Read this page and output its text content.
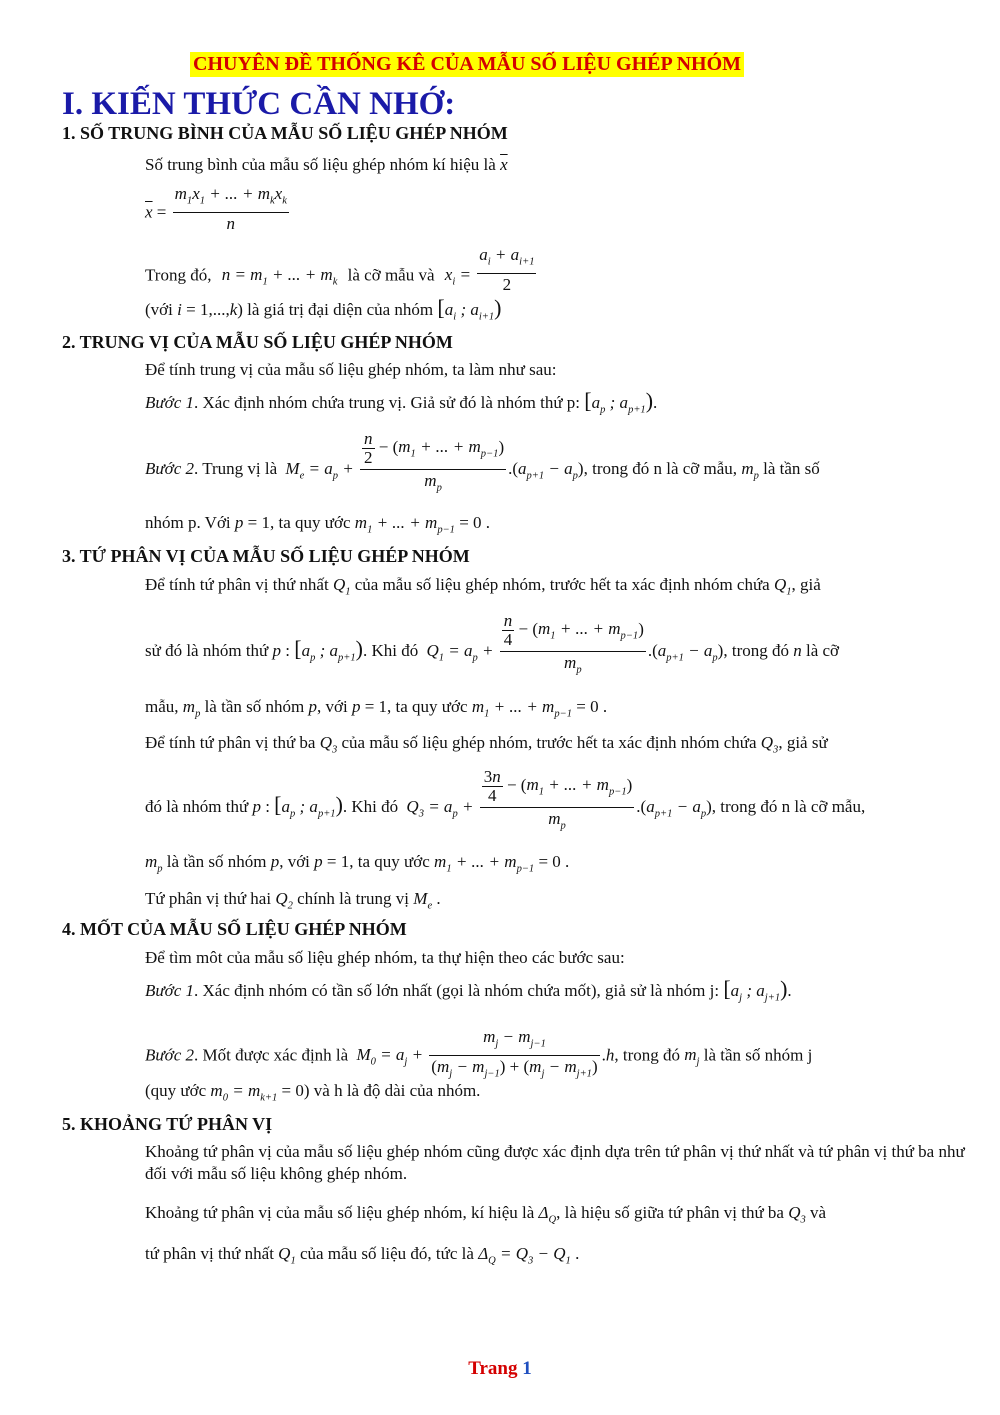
CHUYÊN ĐỀ THỐNG KÊ CỦA MẪU SỐ LIỆU GHÉP NHÓM
I. KIẾN THỨC CẦN NHỚ:
1. SỐ TRUNG BÌNH CỦA MẪU SỐ LIỆU GHÉP NHÓM
Số trung bình của mẫu số liệu ghép nhóm kí hiệu là $\overline{x}$
$\overline{x} = \frac{m_1x_1 + ... + m_kx_k}{n}$
Trong đó, $n = m_1$ + ... + $m_k$ là cỡ mẫu và $x_i = \frac{a_i + a_{i+1}}{2}$
(với i = 1,...,k) là giá trị đại diện của nhóm [$a_i$ ; $a_{i+1}$)
2. TRUNG VỊ CỦA MẪU SỐ LIỆU GHÉP NHÓM
Để tính trung vị của mẫu số liệu ghép nhóm, ta làm như sau:
Bước 1. Xác định nhóm chứa trung vị. Giả sử đó là nhóm thứ p: [$a_p$ ; $a_{p+1}$).
Bước 2. Trung vị là $M_e = a_p + \frac{\frac{n}{2} - (m_1 + ... + m_{p-1})}{m_p} .(a_{p+1} - a_p)$, trong đó n là cỡ mẫu, $m_p$ là tần số
nhóm p. Với p = 1, ta quy ước $m_1$ + ... + $m_{p-1} = 0$ .
3. TỨ PHÂN VỊ CỦA MẪU SỐ LIỆU GHÉP NHÓM
Để tính tứ phân vị thứ nhất $Q_1$ của mẫu số liệu ghép nhóm, trước hết ta xác định nhóm chứa $Q_1$, giả
sử đó là nhóm thứ p : [$a_p$ ; $a_{p+1}$). Khi đó $Q_1 = a_p + \frac{\frac{n}{4} - (m_1 + ... + m_{p-1})}{m_p} .(a_{p+1} - a_p)$, trong đó n là cỡ
mẫu, $m_p$ là tần số nhóm p, với p = 1, ta quy ước $m_1$ + ... + $m_{p-1} = 0$ .
Để tính tứ phân vị thứ ba $Q_3$ của mẫu số liệu ghép nhóm, trước hết ta xác định nhóm chứa $Q_3$, giả sử
đó là nhóm thứ p : [$a_p$ ; $a_{p+1}$). Khi đó $Q_3 = a_p + \frac{\frac{3n}{4} - (m_1 + ... + m_{p-1})}{m_p} .(a_{p+1} - a_p)$, trong đó n là cỡ mẫu,
$m_p$ là tần số nhóm p, với p = 1, ta quy ước $m_1$ + ... + $m_{p-1} = 0$ .
Tứ phân vị thứ hai $Q_2$ chính là trung vị $M_e$ .
4. MỐT CỦA MẪU SỐ LIỆU GHÉP NHÓM
Để tìm môt của mẫu số liệu ghép nhóm, ta thự hiện theo các bước sau:
Bước 1. Xác định nhóm có tần số lớn nhất (gọi là nhóm chứa mốt), giả sử là nhóm j: [$a_j$ ; $a_{j+1}$).
Bước 2. Mốt được xác định là $M_0 = a_j + \frac{m_j - m_{j-1}}{(m_j - m_{j-1}) + (m_j - m_{j+1})} .h$, trong đó $m_j$ là tần số nhóm j
(quy ước $m_0 = m_{k+1} = 0$) và h là độ dài của nhóm.
5. KHOẢNG TỨ PHÂN VỊ
Khoảng tứ phân vị của mẫu số liệu ghép nhóm cũng được xác định dựa trên tứ phân vị thứ nhất và tứ phân vị thứ ba như đối với mẫu số liệu không ghép nhóm.
Khoảng tứ phân vị của mẫu số liệu ghép nhóm, kí hiệu là $\Delta_Q$, là hiệu số giữa tứ phân vị thứ ba $Q_3$ và
tứ phân vị thứ nhất $Q_1$ của mẫu số liệu đó, tức là $\Delta_Q = Q_3 - Q_1$ .
Trang 1
